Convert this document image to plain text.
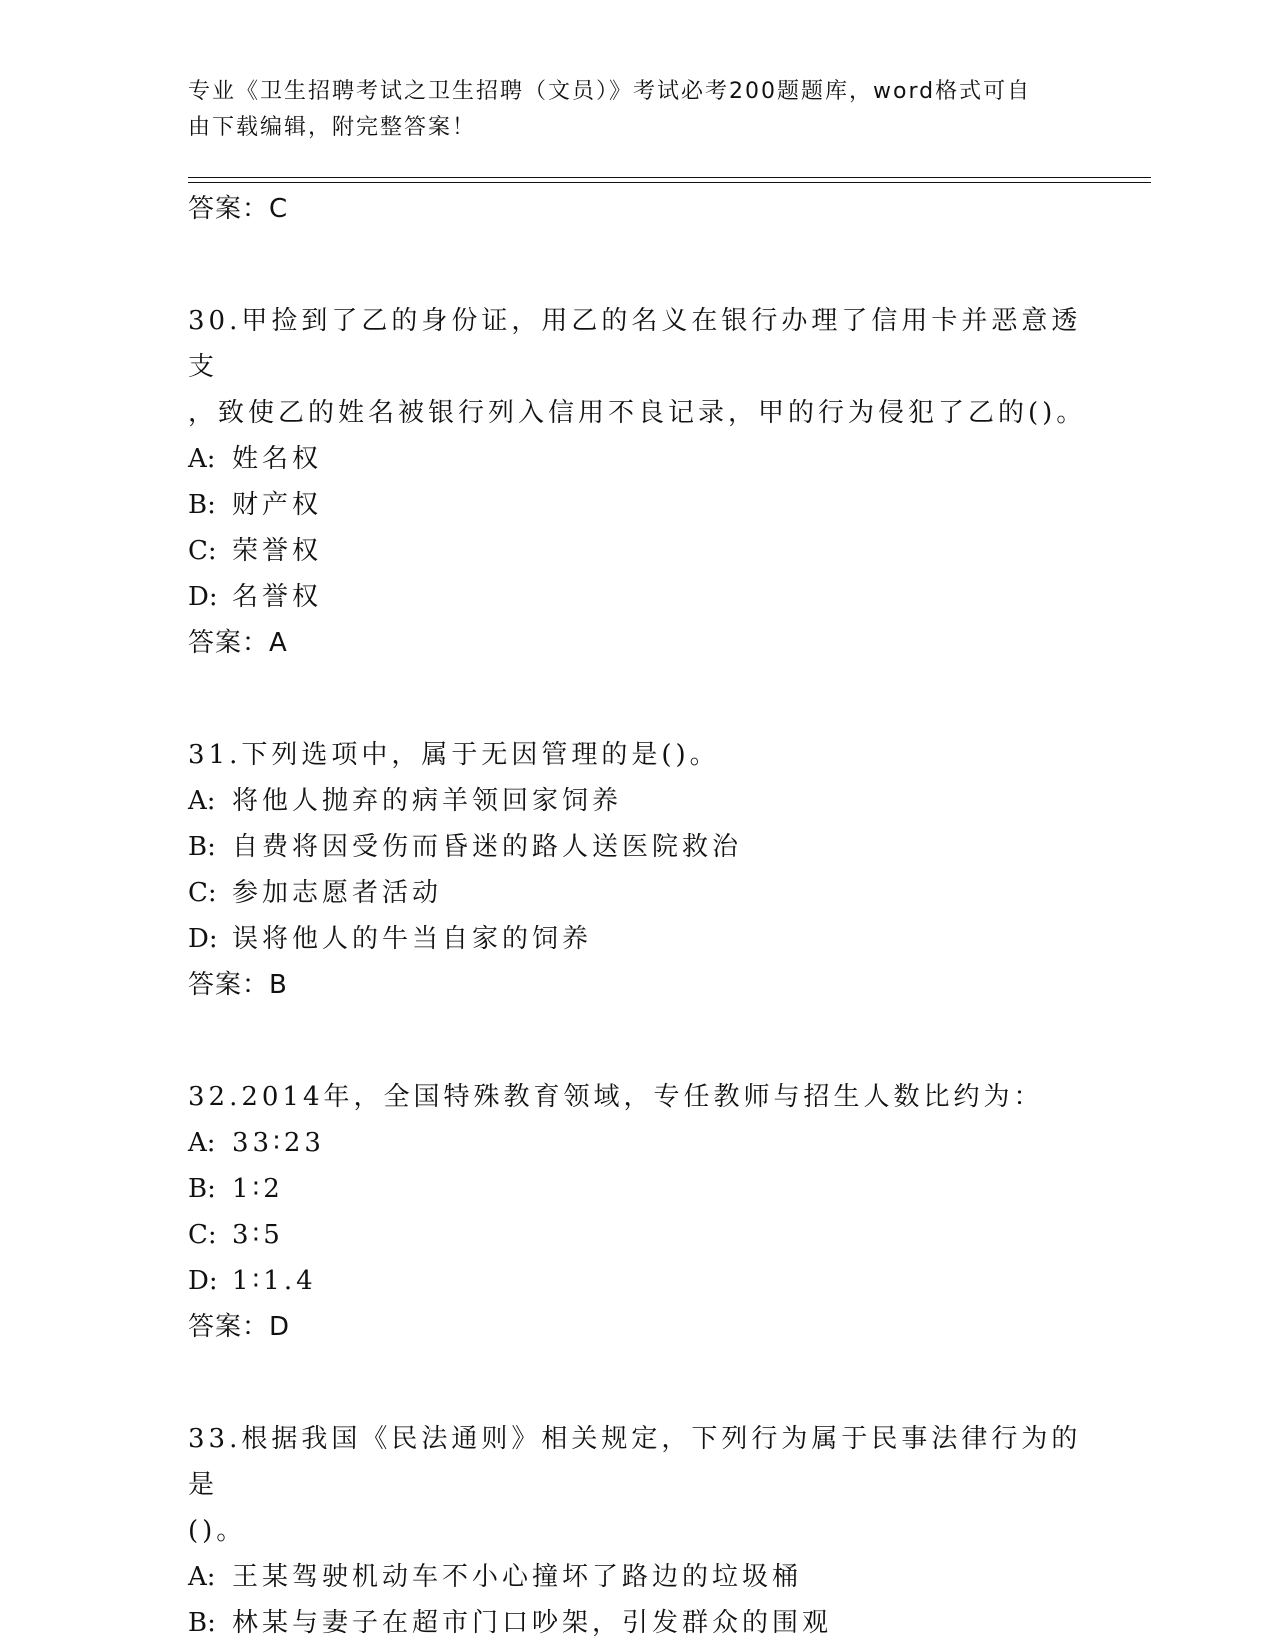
专业《卫生招聘考试之卫生招聘（文员）》考试必考200题题库，word格式可自
由下载编辑，附完整答案！
答案：C
30.甲捡到了乙的身份证，用乙的名义在银行办理了信用卡并恶意透支
，致使乙的姓名被银行列入信用不良记录，甲的行为侵犯了乙的()。
A: 姓名权
B: 财产权
C: 荣誉权
D: 名誉权
答案：A
31.下列选项中，属于无因管理的是()。
A: 将他人抛弃的病羊领回家饲养
B: 自费将因受伤而昏迷的路人送医院救治
C: 参加志愿者活动
D: 误将他人的牛当自家的饲养
答案：B
32.2014年，全国特殊教育领域，专任教师与招生人数比约为：
A: 33∶23
B: 1∶2
C: 3∶5
D: 1∶1.4
答案：D
33.根据我国《民法通则》相关规定，下列行为属于民事法律行为的是
()。
A: 王某驾驶机动车不小心撞坏了路边的垃圾桶
B: 林某与妻子在超市门口吵架，引发群众的围观
